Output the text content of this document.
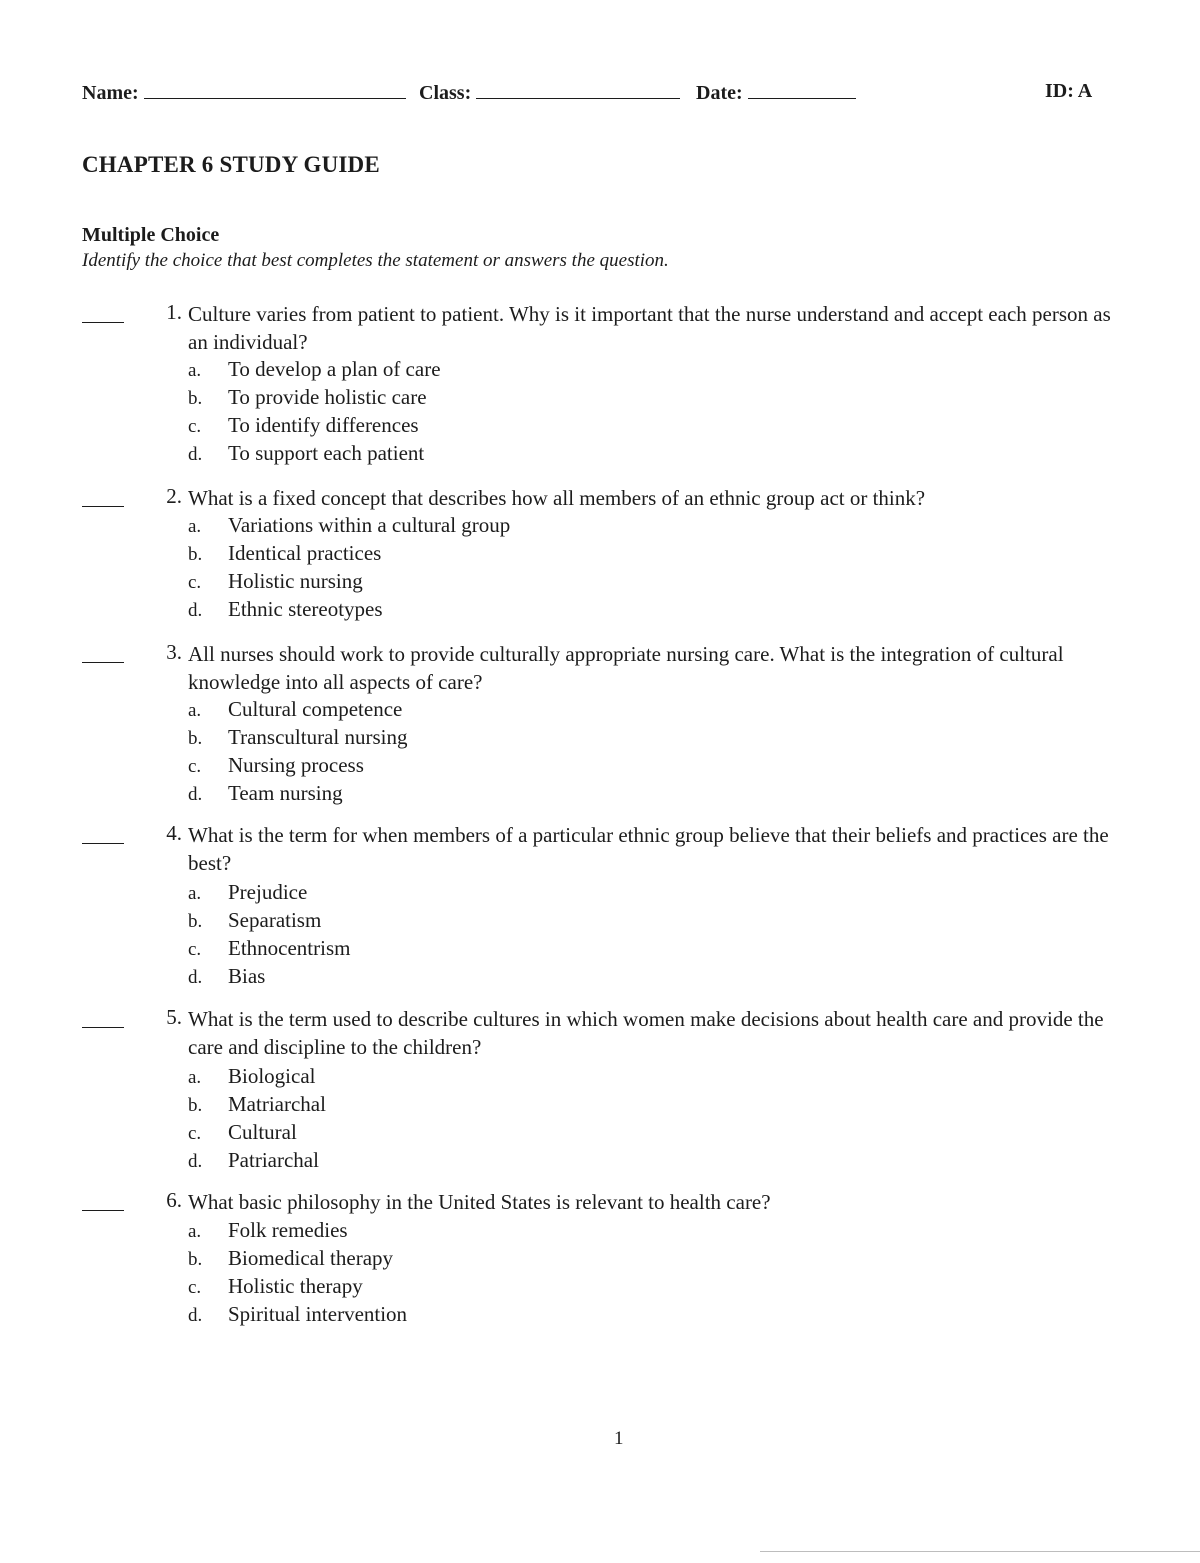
Name:	Class:	Date:	ID: A
CHAPTER 6 STUDY GUIDE
Multiple Choice
Identify the choice that best completes the statement or answers the question.
1. Culture varies from patient to patient. Why is it important that the nurse understand and accept each person as an individual?
a. To develop a plan of care
b. To provide holistic care
c. To identify differences
d. To support each patient
2. What is a fixed concept that describes how all members of an ethnic group act or think?
a. Variations within a cultural group
b. Identical practices
c. Holistic nursing
d. Ethnic stereotypes
3. All nurses should work to provide culturally appropriate nursing care. What is the integration of cultural knowledge into all aspects of care?
a. Cultural competence
b. Transcultural nursing
c. Nursing process
d. Team nursing
4. What is the term for when members of a particular ethnic group believe that their beliefs and practices are the best?
a. Prejudice
b. Separatism
c. Ethnocentrism
d. Bias
5. What is the term used to describe cultures in which women make decisions about health care and provide the care and discipline to the children?
a. Biological
b. Matriarchal
c. Cultural
d. Patriarchal
6. What basic philosophy in the United States is relevant to health care?
a. Folk remedies
b. Biomedical therapy
c. Holistic therapy
d. Spiritual intervention
1
